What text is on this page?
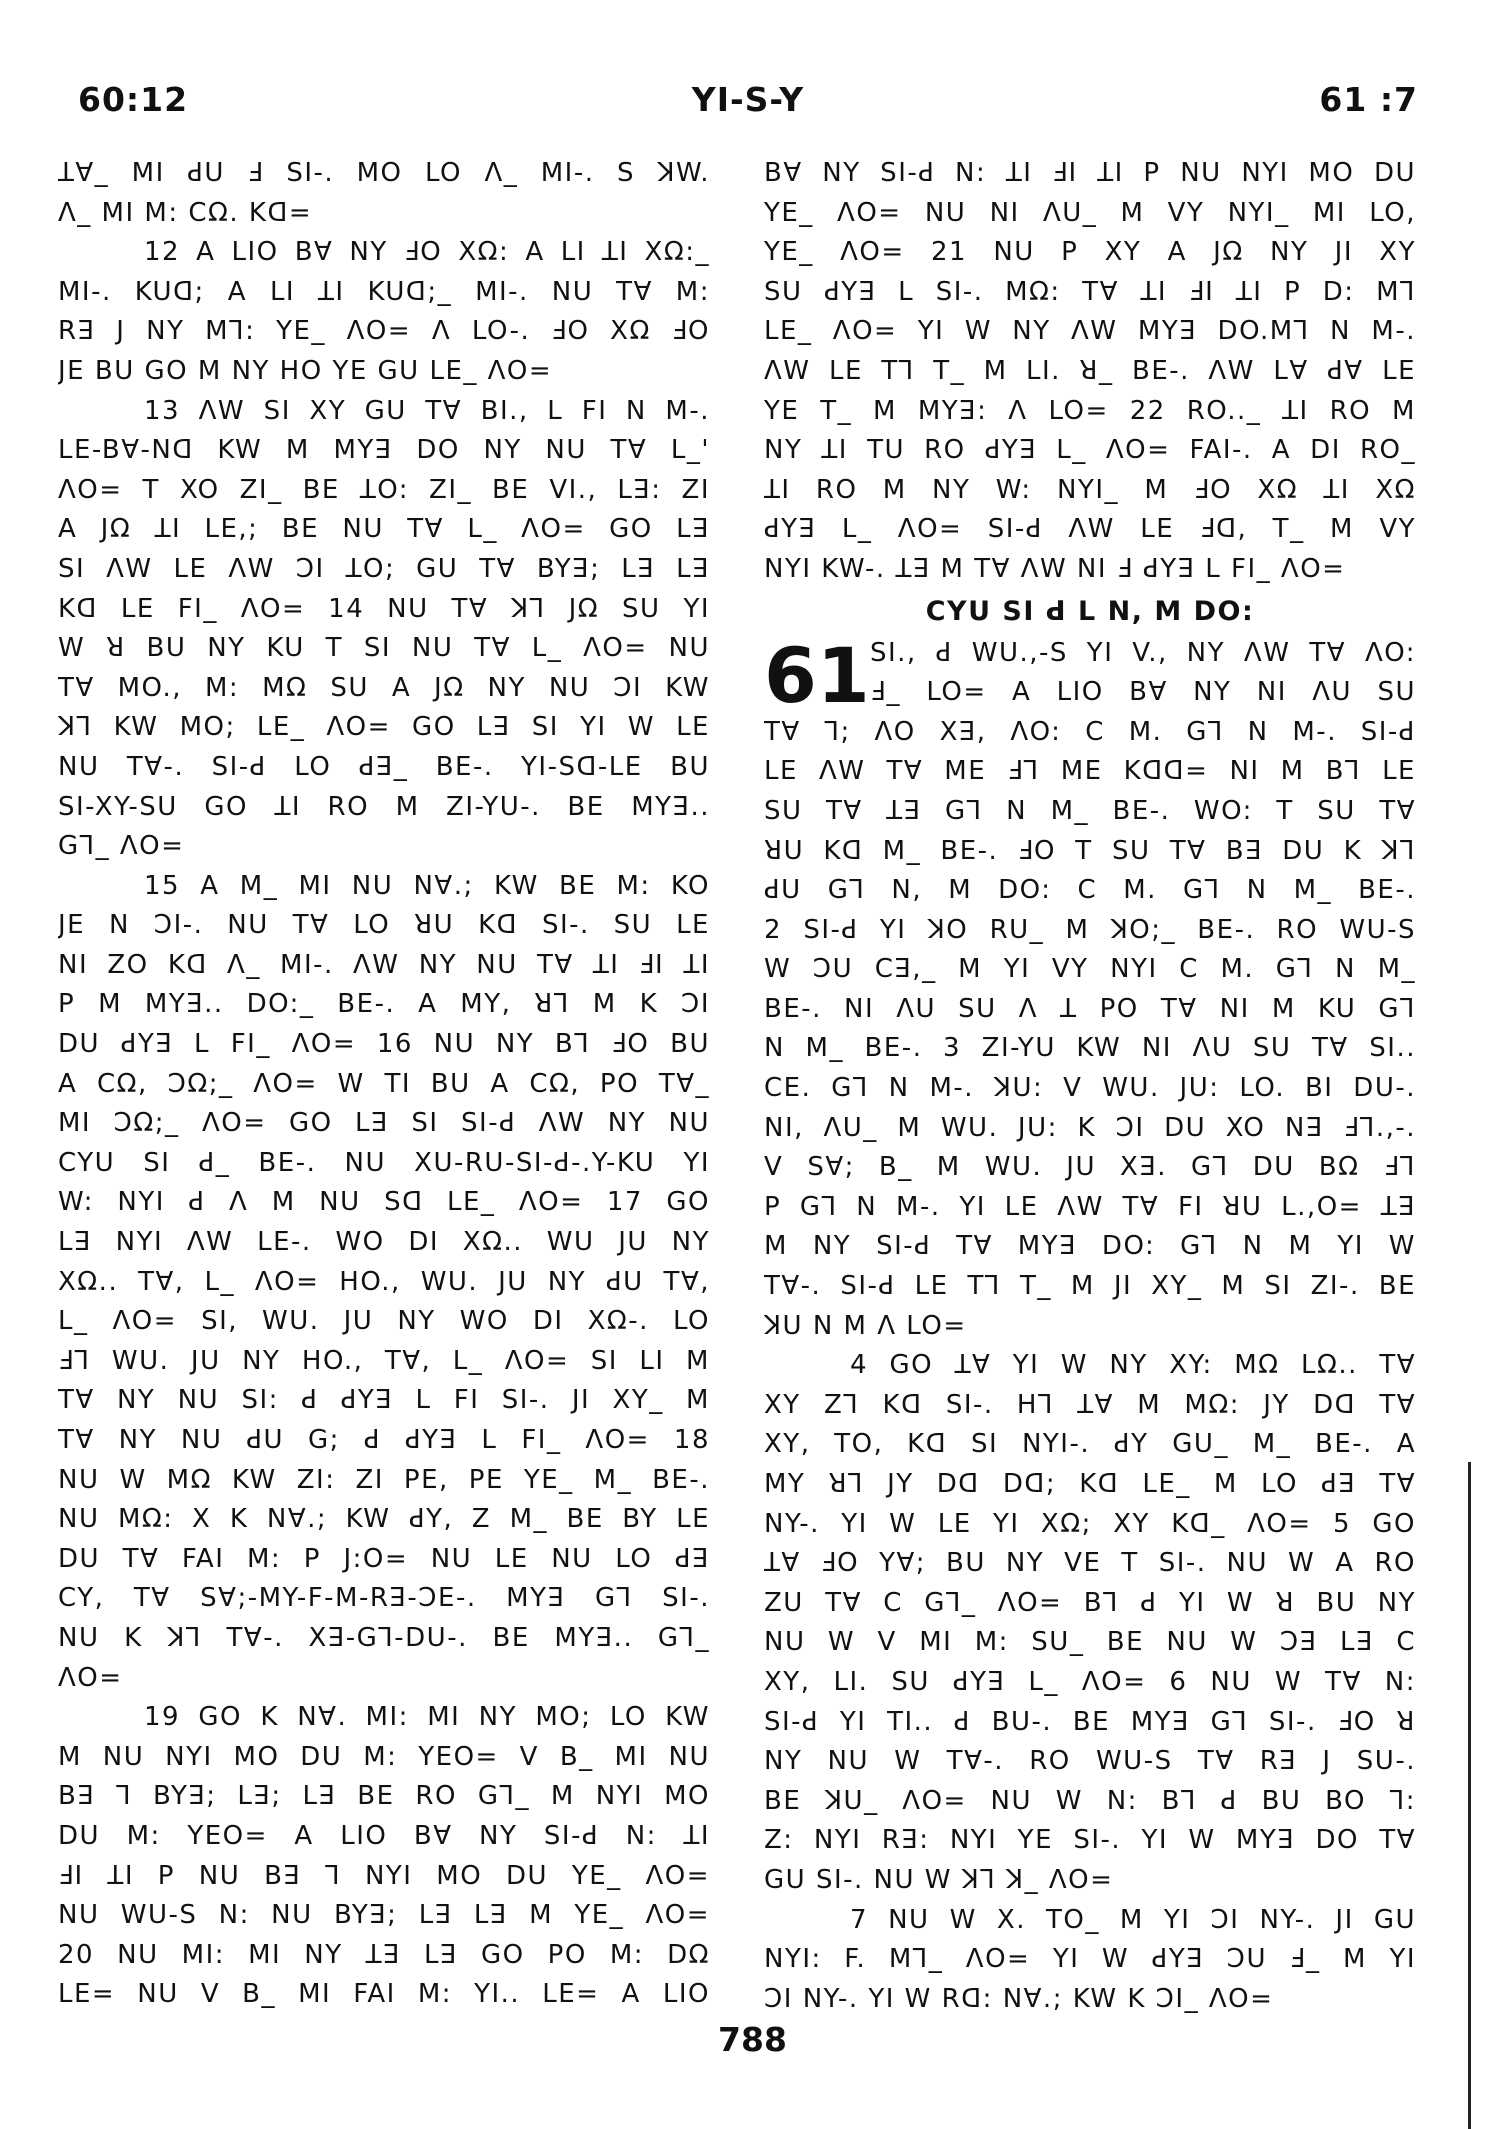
60:12	YI-S-Y	61 :7
ꓕꓯ_ MI ꓒU ꓞ SI-. MO LO ꓥ_ MI-. S ꓘW.
ꓥ_ MI M: CΩ. Kꓷ=
12 A LIO Bꓯ NY ꓞO XΩ: A LI ꓕI XΩ:_
MI-. KUꓷ; A LI ꓕI KUꓷ;_ MI-. NU Tꓯ M:
Rꓱ J NY Mꓶ: YE_ ꓥO= ꓥ LO-. ꓞO XΩ ꓞO
JE BU GO M NY HO YE GU LE_ ꓥO=
13 ꓥW SI XY GU Tꓯ BI., L FI N M-.
LE-Bꓯ-Nꓷ KW M MYꓱ DO NY NU Tꓯ L_'
ꓥO= T XO ZI_ BE ꓕO: ZI_ BE VI., Lꓱ: ZI
A JΩ ꓕI LE,; BE NU Tꓯ L_ ꓥO= GO Lꓱ
SI ꓥW LE ꓥW ꓛI ꓕO; GU Tꓯ BYꓱ; Lꓱ Lꓱ
Kꓷ LE FI_ ꓥO= 14 NU Tꓯ ꓘꓶ JΩ SU YI
W ꓤ BU NY KU T SI NU Tꓯ L_ ꓥO= NU
Tꓯ MO., M: MΩ SU A JΩ NY NU ꓛI KW
ꓘꓶ KW MO; LE_ ꓥO= GO Lꓱ SI YI W LE
NU Tꓯ-. SI-ꓒ LO ꓒꓱ_ BE-. YI-Sꓷ-LE BU
SI-XY-SU GO ꓕI RO M ZI-YU-. BE MYꓱ..
Gꓶ_ ꓥO=
15 A M_ MI NU Nꓯ.; KW BE M: KO
JE N ꓛI-. NU Tꓯ LO ꓤU Kꓷ SI-. SU LE
NI ZO Kꓷ ꓥ_ MI-. ꓥW NY NU Tꓯ ꓕI ꓞI ꓕI
P M MYꓱ.. DO:_ BE-. A MY, ꓤꓶ M K ꓛI
DU ꓒYꓱ L FI_ ꓥO= 16 NU NY Bꓶ ꓞO BU
A CΩ, ꓛΩ;_ ꓥO= W TI BU A CΩ, PO Tꓯ_
MI ꓛΩ;_ ꓥO= GO Lꓱ SI SI-ꓒ ꓥW NY NU
CYU SI ꓒ_ BE-. NU XU-RU-SI-ꓒ-.Y-KU YI
W: NYI ꓒ ꓥ M NU Sꓷ LE_ ꓥO= 17 GO
Lꓱ NYI ꓥW LE-. WO DI XΩ.. WU JU NY
XΩ.. Tꓯ, L_ ꓥO= HO., WU. JU NY ꓒU Tꓯ,
L_ ꓥO= SI, WU. JU NY WO DI XΩ-. LO
ꓞꓶ WU. JU NY HO., Tꓯ, L_ ꓥO= SI LI M
Tꓯ NY NU SI: ꓒ ꓒYꓱ L FI SI-. JI XY_ M
Tꓯ NY NU ꓒU G; ꓒ ꓒYꓱ L FI_ ꓥO= 18
NU W MΩ KW ZI: ZI PE, PE YE_ M_ BE-.
NU MΩ: X K Nꓯ.; KW ꓒY, Z M_ BE BY LE
DU Tꓯ FAI M: P J:O= NU LE NU LO ꓒꓱ
CY, Tꓯ Sꓯ;-MY-F-M-Rꓱ-ꓛE-. MYꓱ Gꓶ SI-.
NU K ꓘꓶ Tꓯ-. Xꓱ-Gꓶ-DU-. BE MYꓱ.. Gꓶ_
ꓥO=
19 GO K Nꓯ. MI: MI NY MO; LO KW
M NU NYI MO DU M: YEO= V B_ MI NU
Bꓱ ꓶ BYꓱ; Lꓱ; Lꓱ BE RO Gꓶ_ M NYI MO
DU M: YEO= A LIO Bꓯ NY SI-ꓒ N: ꓕI
ꓞI ꓕI P NU Bꓱ ꓶ NYI MO DU YE_ ꓥO=
NU WU-S N: NU BYꓱ; Lꓱ Lꓱ M YE_ ꓥO=
20 NU MI: MI NY ꓕꓱ Lꓱ GO PO M: DΩ
LE= NU V B_ MI FAI M: YI.. LE= A LIO
Bꓯ NY SI-ꓒ N: ꓕI ꓞI ꓕI P NU NYI MO DU
YE_ ꓥO= NU NI ꓥU_ M VY NYI_ MI LO,
YE_ ꓥO= 21 NU P XY A JΩ NY JI XY
SU ꓒYꓱ L SI-. MΩ: Tꓯ ꓕI ꓞI ꓕI P D: Mꓶ
LE_ ꓥO= YI W NY ꓥW MYꓱ DO.Mꓶ N M-.
ꓥW LE Tꓶ T_ M LI. ꓤ_ BE-. ꓥW Lꓯ ꓒꓯ LE
YE T_ M MYꓱ: ꓥ LO= 22 RO.._ ꓕI RO M
NY ꓕI TU RO ꓒYꓱ L_ ꓥO= FAI-. A DI RO_
ꓕI RO M NY W: NYI_ M ꓞO XΩ ꓕI XΩ
ꓒYꓱ L_ ꓥO= SI-ꓒ ꓥW LE ꓞꓷ, T_ M VY
NYI KW-. ꓕꓱ M Tꓯ ꓥW NI ꓞ ꓒYꓱ L FI_ ꓥO=
CYU SI ꓒ L N, M DO:
61 SI., ꓒ WU.,-S YI V., NY ꓥW Tꓯ ꓥO:
ꓞ_ LO= A LIO Bꓯ NY NI ꓥU SU
Tꓯ ꓶ; ꓥO Xꓱ, ꓥO: C M. Gꓶ N M-. SI-ꓒ
LE ꓥW Tꓯ ME ꓞꓶ ME Kꓷꓷ= NI M Bꓶ LE
SU Tꓯ ꓕꓱ Gꓶ N M_ BE-. WO: T SU Tꓯ
ꓤU Kꓷ M_ BE-. ꓞO T SU Tꓯ Bꓱ DU K ꓘꓶ
ꓒU Gꓶ N, M DO: C M. Gꓶ N M_ BE-.
2 SI-ꓒ YI ꓘO RU_ M ꓘO;_ BE-. RO WU-S
W ꓛU Cꓱ,_ M YI VY NYI C M. Gꓶ N M_
BE-. NI ꓥU SU ꓥ ꓕ PO Tꓯ NI M KU Gꓶ
N M_ BE-. 3 ZI-YU KW NI ꓥU SU Tꓯ SI..
CE. Gꓶ N M-. ꓘU: V WU. JU: LO. BI DU-.
NI, ꓥU_ M WU. JU: K ꓛI DU XO Nꓱ ꓞꓶ.,-.
V Sꓯ; B_ M WU. JU Xꓱ. Gꓶ DU BΩ ꓞꓶ
P Gꓶ N M-. YI LE ꓥW Tꓯ FI ꓤU L.,O= ꓕꓱ
M NY SI-ꓒ Tꓯ MYꓱ DO: Gꓶ N M YI W
Tꓯ-. SI-ꓒ LE Tꓶ T_ M JI XY_ M SI ZI-. BE
ꓘU N M ꓥ LO=
4 GO ꓕꓯ YI W NY XY: MΩ LΩ.. Tꓯ
XY Zꓶ Kꓷ SI-. Hꓶ ꓕꓯ M MΩ: JY Dꓷ Tꓯ
XY, TO, Kꓷ SI NYI-. ꓒY GU_ M_ BE-. A
MY ꓤꓶ JY Dꓷ Dꓷ; Kꓷ LE_ M LO ꓒꓱ Tꓯ
NY-. YI W LE YI XΩ; XY Kꓷ_ ꓥO= 5 GO
ꓕꓯ ꓞO Yꓯ; BU NY VE T SI-. NU W A RO
ZU Tꓯ C Gꓶ_ ꓥO= Bꓶ ꓒ YI W ꓤ BU NY
NU W V MI M: SU_ BE NU W ꓛꓱ Lꓱ C
XY, LI. SU ꓒYꓱ L_ ꓥO= 6 NU W Tꓯ N:
SI-ꓒ YI TI.. ꓒ BU-. BE MYꓱ Gꓶ SI-. ꓞO ꓤ
NY NU W Tꓯ-. RO WU-S Tꓯ Rꓱ J SU-.
BE ꓘU_ ꓥO= NU W N: Bꓶ ꓒ BU BO ꓶ:
Z: NYI Rꓱ: NYI YE SI-. YI W MYꓱ DO Tꓯ
GU SI-. NU W ꓘꓶ ꓘ_ ꓥO=
7 NU W X. TO_ M YI ꓛI NY-. JI GU
NYI: F. Mꓶ_ ꓥO= YI W ꓒYꓱ ꓛU ꓞ_ M YI
ꓛI NY-. YI W Rꓷ: Nꓯ.; KW K ꓛI_ ꓥO=
788
